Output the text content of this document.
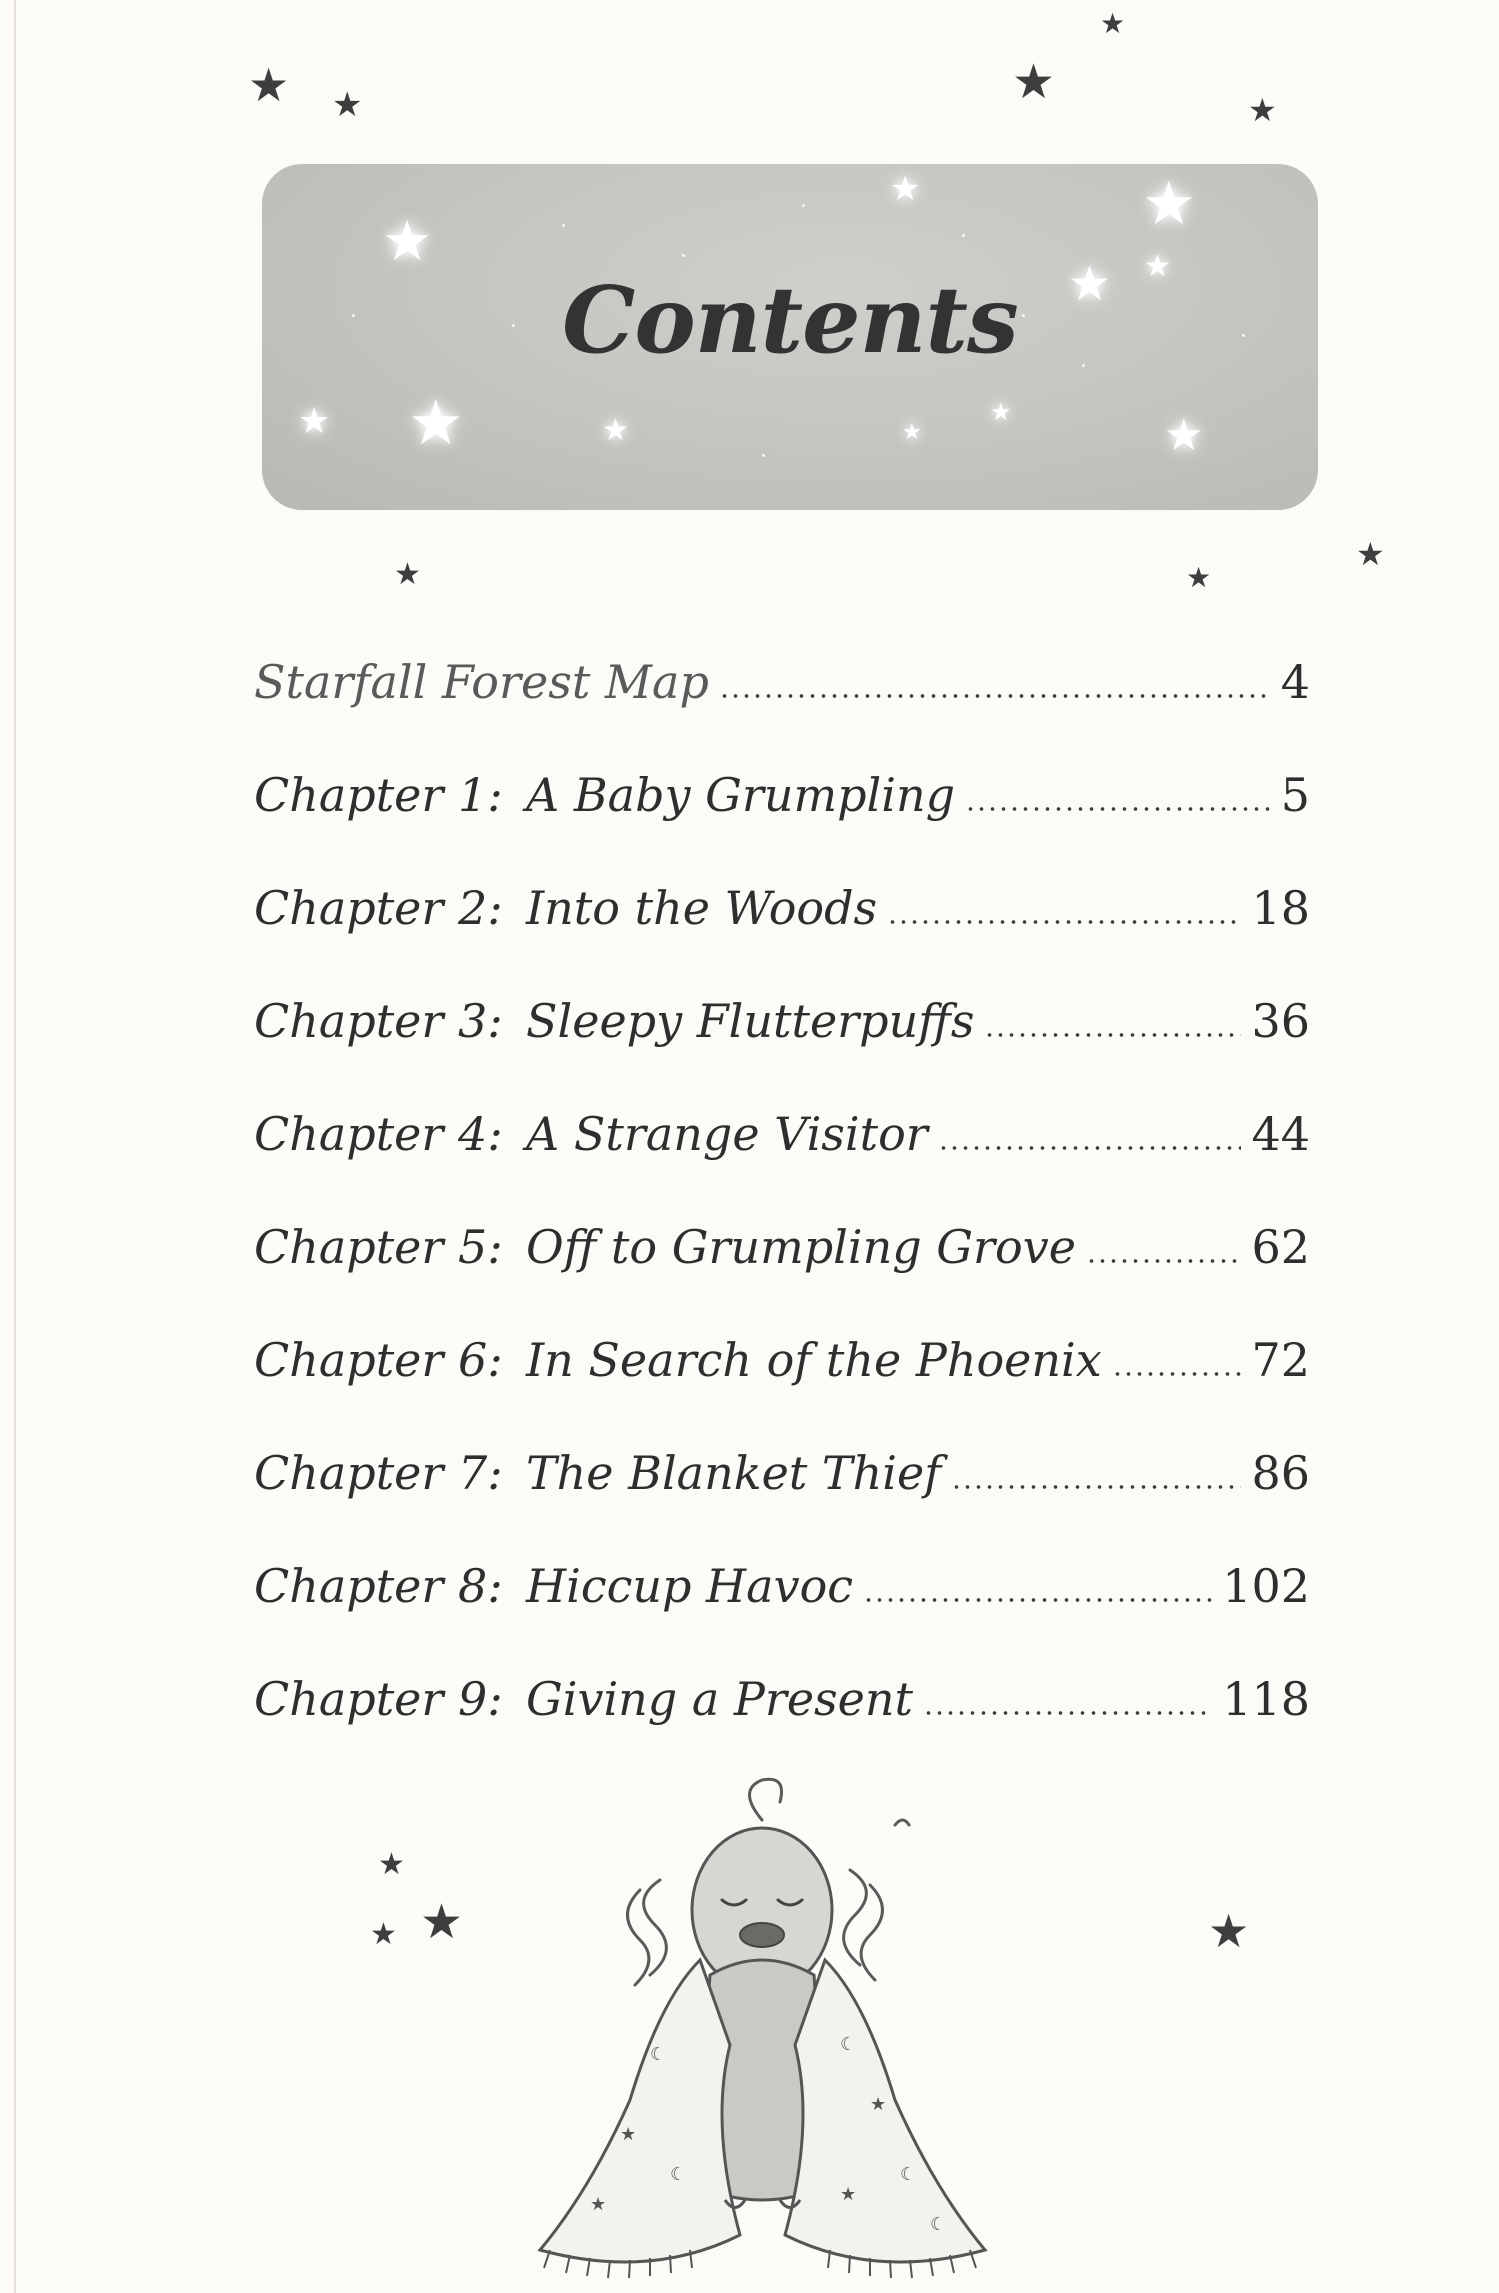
★ ★	★
★
★
★	★
★
★
★ ★	★
★
★ ★	★
★	★
★
★
★
★
★
Contents
Starfall Forest Map	4
Chapter 1: A Baby Grumpling	5
Chapter 2: Into the Woods	18
Chapter 3: Sleepy Flutterpuffs	36
Chapter 4: A Strange Visitor	44
Chapter 5: Off to Grumpling Grove	62
Chapter 6: In Search of the Phoenix	72
Chapter 7: The Blanket Thief	86
Chapter 8: Hiccup Havoc	102
Chapter 9: Giving a Present	118
☾
★
☾
★
☾
★
☾
★
☾
